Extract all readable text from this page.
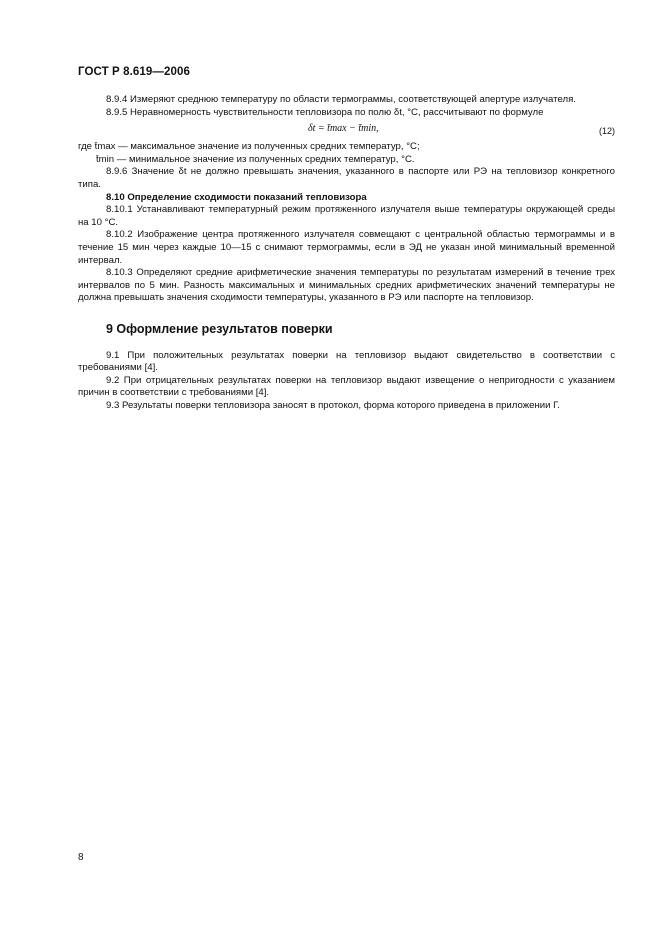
ГОСТ Р 8.619—2006

8.9.4 Измеряют среднюю температуру по области термограммы, соответствующей апертуре излучателя.

8.9.5 Неравномерность чувствительности тепловизора по полю δt, °С, рассчитывают по формуле

δt = t̄max − t̄min,	(12)

где t̄max — максимальное значение из полученных средних температур, °С;

t̄min — минимальное значение из полученных средних температур, °С.

8.9.6 Значение δt не должно превышать значения, указанного в паспорте или РЭ на тепловизор конкретного типа.

8.10 Определение сходимости показаний тепловизора

8.10.1 Устанавливают температурный режим протяженного излучателя выше температуры окружающей среды на 10 °С.

8.10.2 Изображение центра протяженного излучателя совмещают с центральной областью термограммы и в течение 15 мин через каждые 10—15 с снимают термограммы, если в ЭД не указан иной минимальный временной интервал.

8.10.3 Определяют средние арифметические значения температуры по результатам измерений в течение трех интервалов по 5 мин. Разность максимальных и минимальных средних арифметических значений температуры не должна превышать значения сходимости температуры, указанного в РЭ или паспорте на тепловизор.

9 Оформление результатов поверки

9.1 При положительных результатах поверки на тепловизор выдают свидетельство в соответствии с требованиями [4].

9.2 При отрицательных результатах поверки на тепловизор выдают извещение о непригодности с указанием причин в соответствии с требованиями [4].

9.3 Результаты поверки тепловизора заносят в протокол, форма которого приведена в приложении Г.

8
